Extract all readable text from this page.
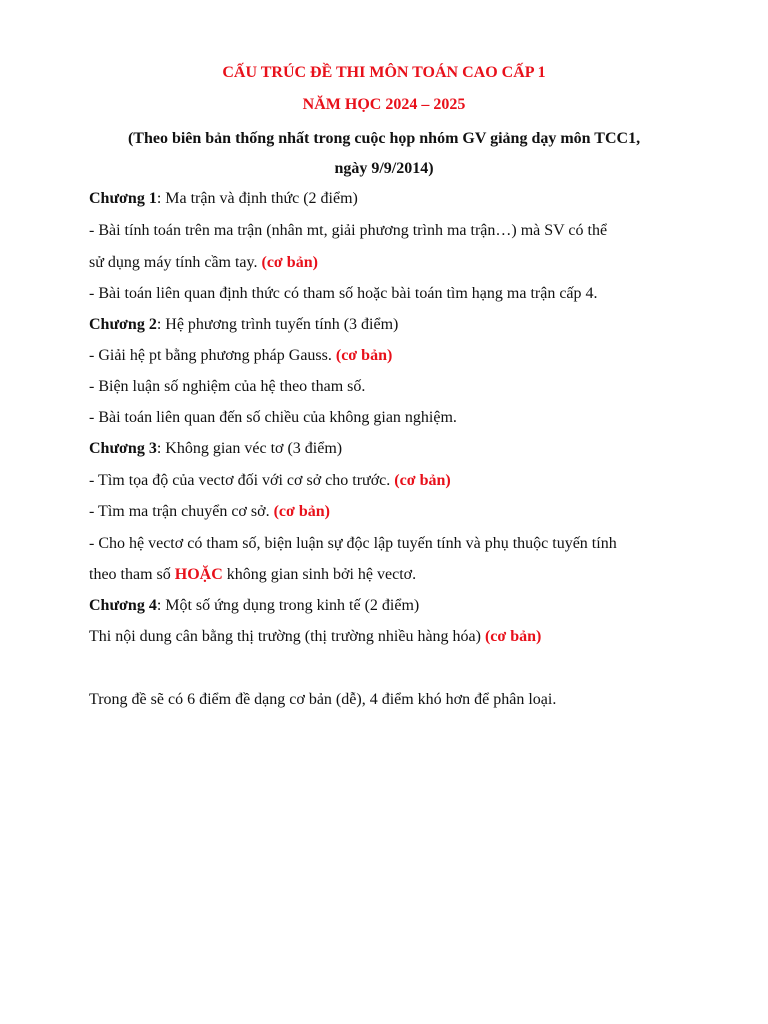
CẤU TRÚC ĐỀ THI MÔN TOÁN CAO CẤP 1
NĂM HỌC 2024 – 2025
(Theo biên bản thống nhất trong cuộc họp nhóm GV giảng dạy môn TCC1,
ngày 9/9/2014)
Chương 1: Ma trận và định thức (2 điểm)
- Bài tính toán trên ma trận (nhân mt, giải phương trình ma trận…) mà SV có thể
sử dụng máy tính cầm tay. (cơ bản)
- Bài toán liên quan định thức có tham số hoặc bài toán tìm hạng ma trận cấp 4.
Chương 2: Hệ phương trình tuyến tính (3 điểm)
- Giải hệ pt bằng phương pháp Gauss. (cơ bản)
- Biện luận số nghiệm của hệ theo tham số.
- Bài toán liên quan đến số chiều của không gian nghiệm.
Chương 3: Không gian véc tơ (3 điểm)
- Tìm tọa độ của vectơ đối với cơ sở cho trước. (cơ bản)
- Tìm ma trận chuyển cơ sở. (cơ bản)
- Cho hệ vectơ có tham số, biện luận sự độc lập tuyến tính và phụ thuộc tuyến tính
theo tham số HOẶC không gian sinh bởi hệ vectơ.
Chương 4: Một số ứng dụng trong kinh tế (2 điểm)
Thi nội dung cân bằng thị trường (thị trường nhiều hàng hóa) (cơ bản)
Trong đề sẽ có 6 điểm đề dạng cơ bản (dễ), 4 điểm khó hơn để phân loại.
